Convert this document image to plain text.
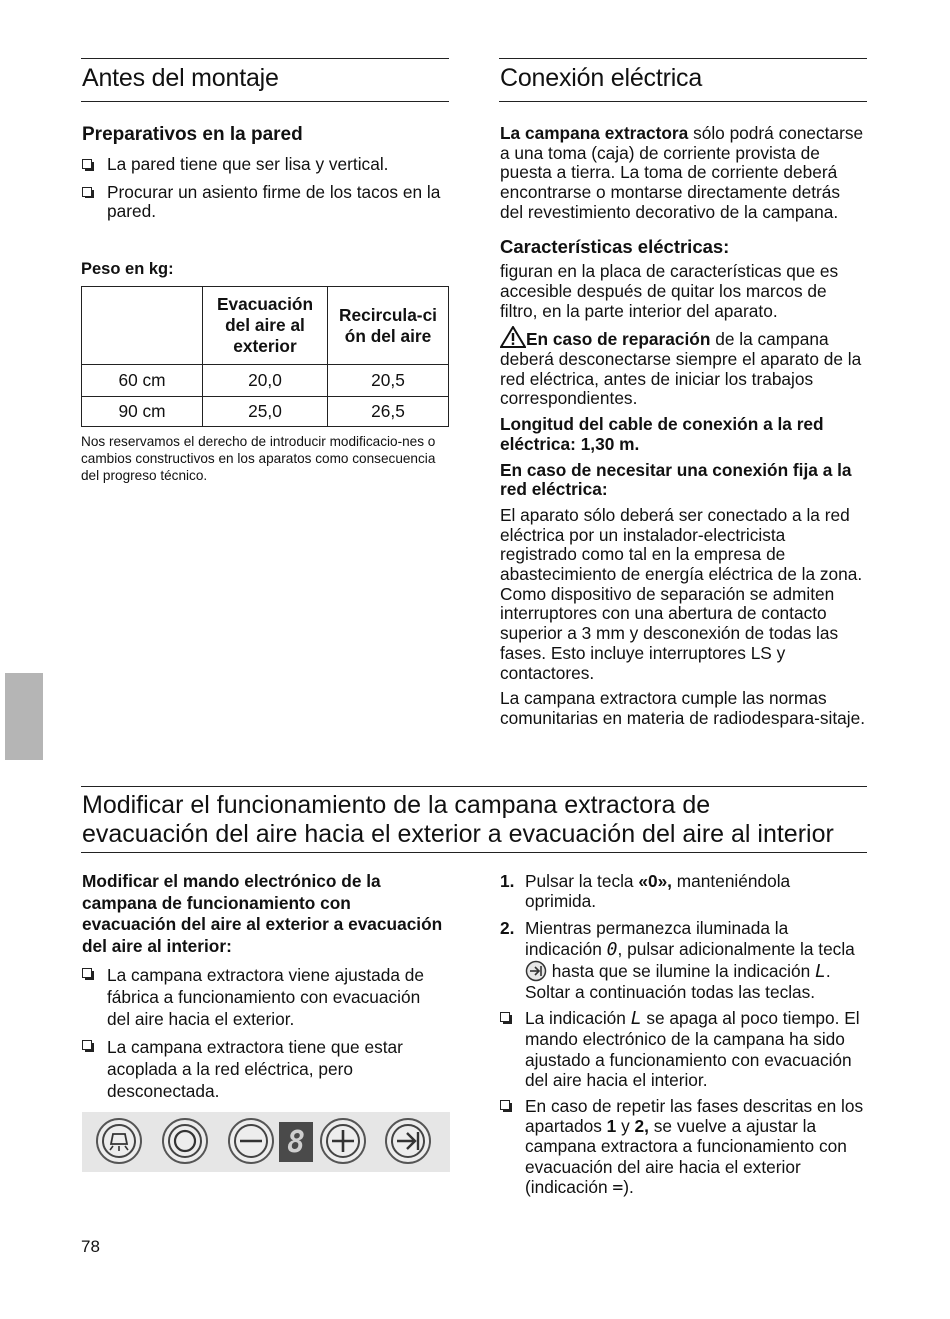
Antes del montaje
Preparativos en la pared
La pared tiene que ser lisa y vertical.
Procurar un asiento firme de los tacos en la pared.
Peso en kg:
	Evacuación del aire al exterior	Recircula-ción del aire
60 cm	20,0	20,5
90 cm	25,0	26,5
Nos reservamos el derecho de introducir modificacio-nes o cambios constructivos en los aparatos como consecuencia del progreso técnico.
Conexión eléctrica
La campana extractora sólo podrá conectarse a una toma (caja) de corriente provista de puesta a tierra. La toma de corriente deberá encontrarse o montarse directamente detrás del revestimiento decorativo de la campana.
Características eléctricas:
figuran en la placa de características que es accesible después de quitar los marcos de filtro, en la parte interior del aparato.
En caso de reparación de la campana deberá desconectarse siempre el aparato de la red eléctrica, antes de iniciar los trabajos correspondientes.
Longitud del cable de conexión a la red eléctrica: 1,30 m.
En caso de necesitar una conexión fija a la red eléctrica:
El aparato sólo deberá ser conectado a la red eléctrica por un instalador-electricista registrado como tal en la empresa de abastecimiento de energía eléctrica de la zona. Como dispositivo de separación se admiten interruptores con una abertura de contacto superior a 3 mm y desconexión de todas las fases. Esto incluye interruptores LS y contactores.
La campana extractora cumple las normas comunitarias en materia de radiodespara-sitaje.
Modificar el funcionamiento de la campana extractora de
evacuación del aire hacia el exterior a evacuación del aire al interior
Modificar el mando electrónico de la campana de funcionamiento con evacuación del aire al exterior a evacuación del aire al interior:
La campana extractora viene ajustada de fábrica a funcionamiento con evacuación del aire hacia el exterior.
La campana extractora tiene que estar acoplada a la red eléctrica, pero desconectada.
8
1. Pulsar la tecla «0», manteniéndola oprimida.
2. Mientras permanezca iluminada la indicación 0, pulsar adicionalmente la tecla  hasta que se ilumine la indicación L. Soltar a continuación todas las teclas.
La indicación L se apaga al poco tiempo. El mando electrónico de la campana ha sido ajustado a funcionamiento con evacuación del aire hacia el interior.
En caso de repetir las fases descritas en los apartados 1 y 2, se vuelve a ajustar la campana extractora a funcionamiento con evacuación del aire hacia el exterior (indicación =).
78
